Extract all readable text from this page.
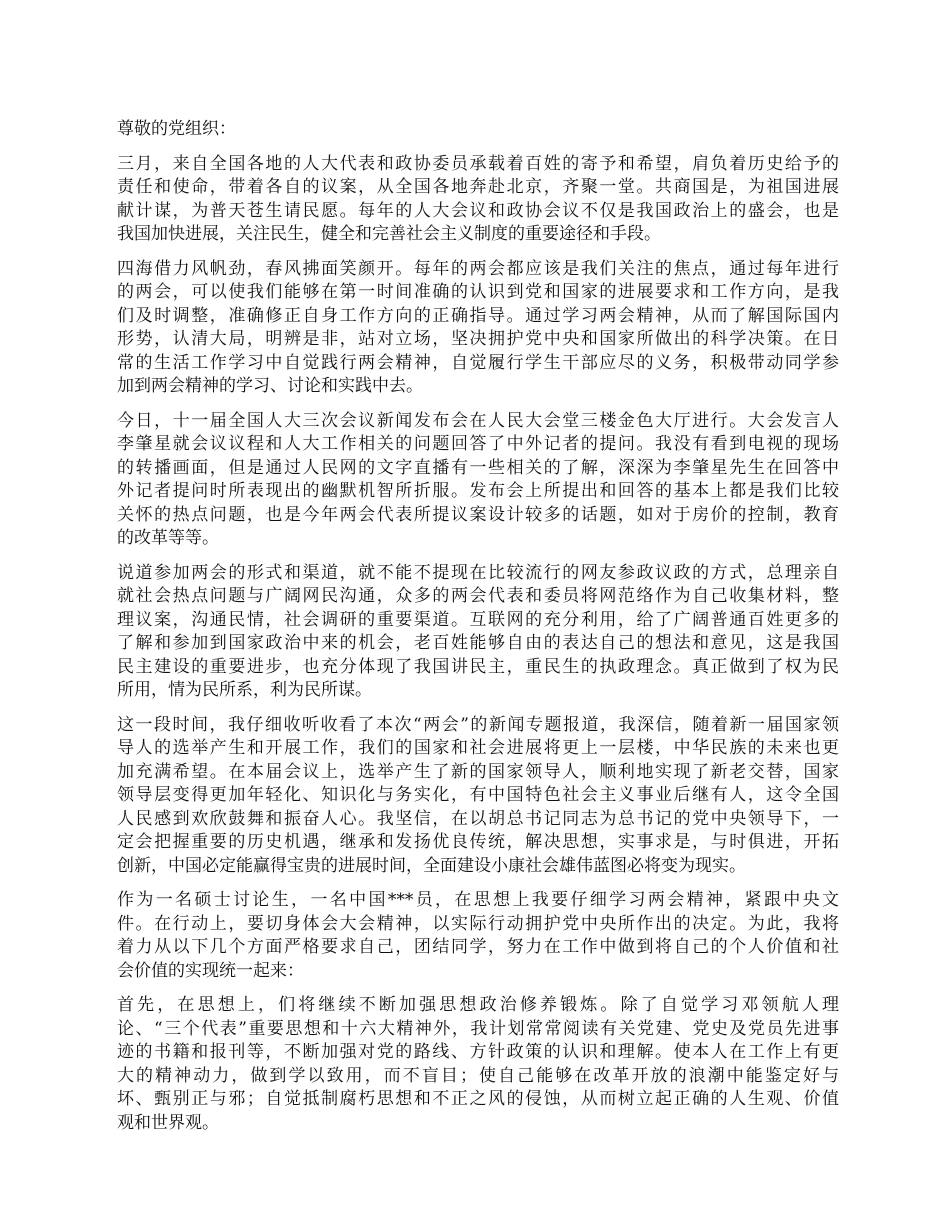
尊敬的党组织：
三月，来自全国各地的人大代表和政协委员承载着百姓的寄予和希望，肩负着历史给予的
责任和使命，带着各自的议案，从全国各地奔赴北京，齐聚一堂。共商国是，为祖国进展
献计谋，为普天苍生请民愿。每年的人大会议和政协会议不仅是我国政治上的盛会，也是
我国加快进展，关注民生，健全和完善社会主义制度的重要途径和手段。
四海借力风帆劲，春风拂面笑颜开。每年的两会都应该是我们关注的焦点，通过每年进行
的两会，可以使我们能够在第一时间准确的认识到党和国家的进展要求和工作方向，是我
们及时调整，准确修正自身工作方向的正确指导。通过学习两会精神，从而了解国际国内
形势，认清大局，明辨是非，站对立场，坚决拥护党中央和国家所做出的科学决策。在日
常的生活工作学习中自觉践行两会精神，自觉履行学生干部应尽的义务，积极带动同学参
加到两会精神的学习、讨论和实践中去。
今日，十一届全国人大三次会议新闻发布会在人民大会堂三楼金色大厅进行。大会发言人
李肇星就会议议程和人大工作相关的问题回答了中外记者的提问。我没有看到电视的现场
的转播画面，但是通过人民网的文字直播有一些相关的了解，深深为李肇星先生在回答中
外记者提问时所表现出的幽默机智所折服。发布会上所提出和回答的基本上都是我们比较
关怀的热点问题，也是今年两会代表所提议案设计较多的话题，如对于房价的控制，教育
的改革等等。
说道参加两会的形式和渠道，就不能不提现在比较流行的网友参政议政的方式，总理亲自
就社会热点问题与广阔网民沟通，众多的两会代表和委员将网范络作为自己收集材料，整
理议案，沟通民情，社会调研的重要渠道。互联网的充分利用，给了广阔普通百姓更多的
了解和参加到国家政治中来的机会，老百姓能够自由的表达自己的想法和意见，这是我国
民主建设的重要进步，也充分体现了我国讲民主，重民生的执政理念。真正做到了权为民
所用，情为民所系，利为民所谋。
这一段时间，我仔细收听收看了本次“两会”的新闻专题报道，我深信，随着新一届国家领
导人的选举产生和开展工作，我们的国家和社会进展将更上一层楼，中华民族的未来也更
加充满希望。在本届会议上，选举产生了新的国家领导人，顺利地实现了新老交替，国家
领导层变得更加年轻化、知识化与务实化，有中国特色社会主义事业后继有人，这令全国
人民感到欢欣鼓舞和振奋人心。我坚信，在以胡总书记同志为总书记的党中央领导下，一
定会把握重要的历史机遇，继承和发扬优良传统，解决思想，实事求是，与时俱进，开拓
创新，中国必定能赢得宝贵的进展时间，全面建设小康社会雄伟蓝图必将变为现实。
作为一名硕士讨论生，一名中国***员，在思想上我要仔细学习两会精神，紧跟中央文
件。在行动上，要切身体会大会精神，以实际行动拥护党中央所作出的决定。为此，我将
着力从以下几个方面严格要求自己，团结同学，努力在工作中做到将自己的个人价值和社
会价值的实现统一起来：
首先，在思想上，们将继续不断加强思想政治修养锻炼。除了自觉学习邓领航人理
论、“三个代表”重要思想和十六大精神外，我计划常常阅读有关党建、党史及党员先进事
迹的书籍和报刊等，不断加强对党的路线、方针政策的认识和理解。使本人在工作上有更
大的精神动力，做到学以致用，而不盲目；使自己能够在改革开放的浪潮中能鉴定好与
坏、甄别正与邪；自觉抵制腐朽思想和不正之风的侵蚀，从而树立起正确的人生观、价值
观和世界观。
